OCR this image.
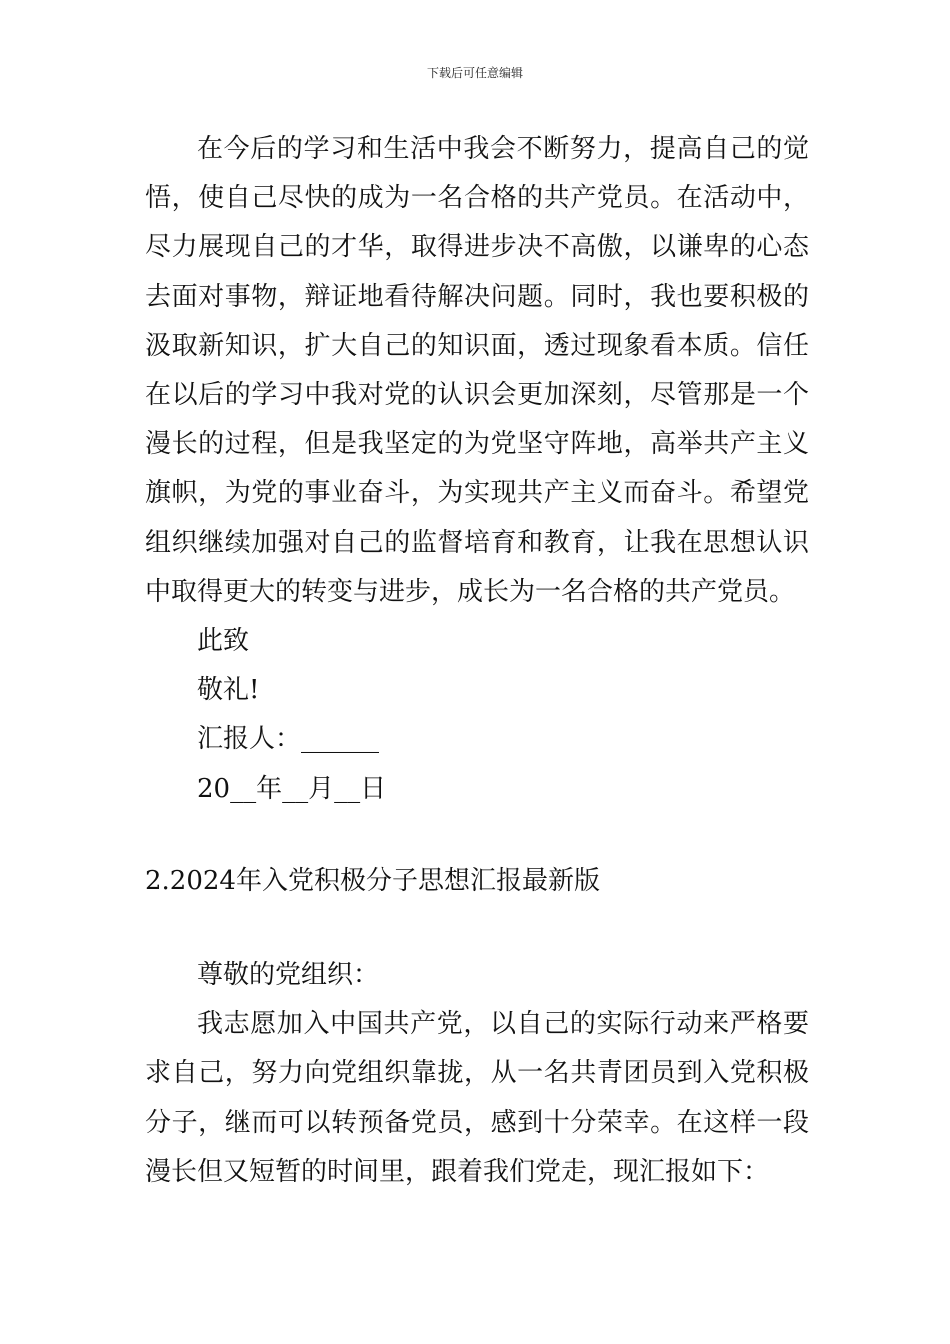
下载后可任意编辑

在今后的学习和生活中我会不断努力，提高自己的觉悟，使自己尽快的成为一名合格的共产党员。在活动中，尽力展现自己的才华，取得进步决不高傲，以谦卑的心态去面对事物，辩证地看待解决问题。同时，我也要积极的汲取新知识，扩大自己的知识面，透过现象看本质。信任在以后的学习中我对党的认识会更加深刻，尽管那是一个漫长的过程，但是我坚定的为党坚守阵地，高举共产主义旗帜，为党的事业奋斗，为实现共产主义而奋斗。希望党组织继续加强对自己的监督培育和教育，让我在思想认识中取得更大的转变与进步，成长为一名合格的共产党员。

此致

敬礼!

汇报人：______

20__年__月__日

2.2024年入党积极分子思想汇报最新版

尊敬的党组织：

我志愿加入中国共产党，以自己的实际行动来严格要求自己，努力向党组织靠拢，从一名共青团员到入党积极分子，继而可以转预备党员，感到十分荣幸。在这样一段漫长但又短暂的时间里，跟着我们党走，现汇报如下：
